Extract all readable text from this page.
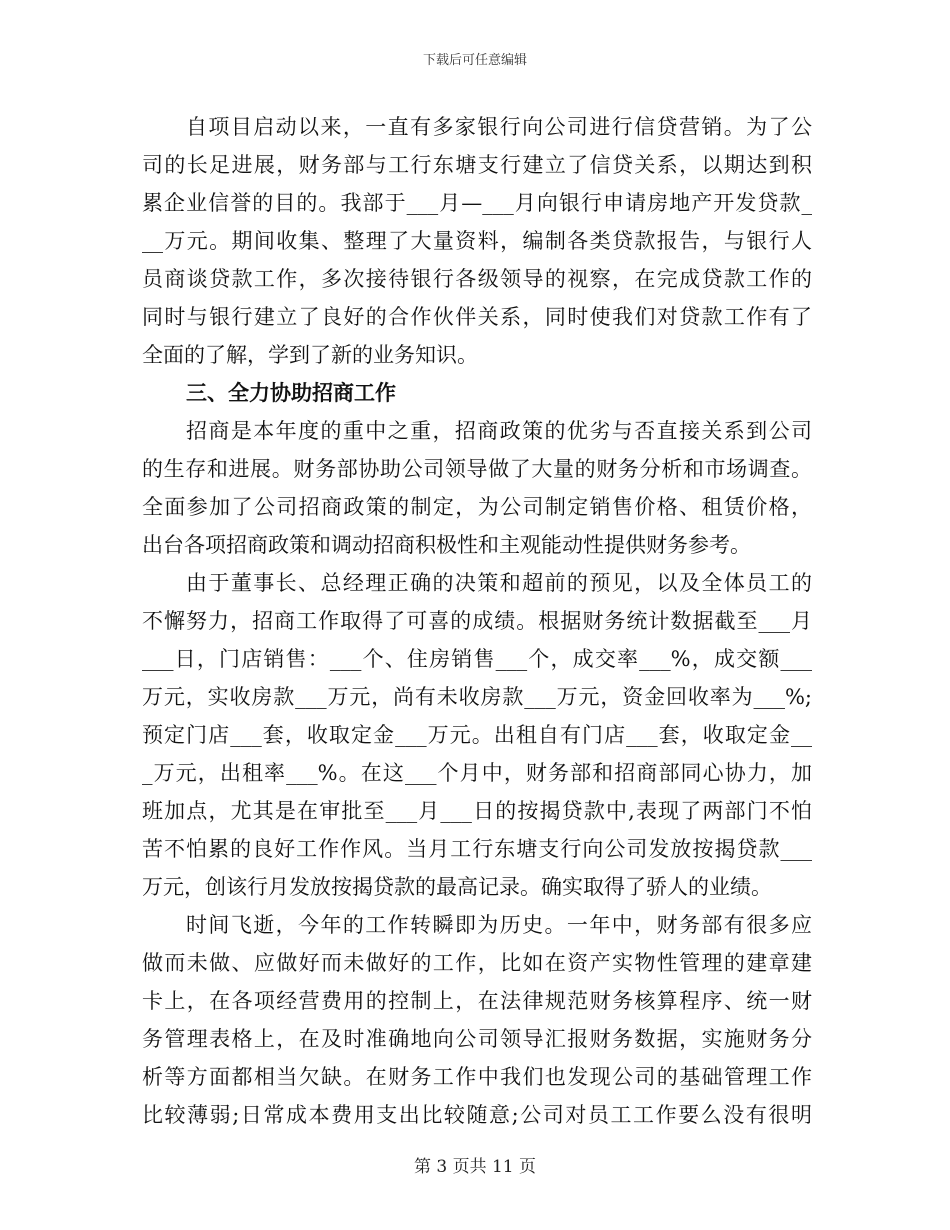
下载后可任意编辑
自项目启动以来，一直有多家银行向公司进行信贷营销。为了公
司的长足进展，财务部与工行东塘支行建立了信贷关系，以期达到积
累企业信誉的目的。我部于___月—___月向银行申请房地产开发贷款_
__万元。期间收集、整理了大量资料，编制各类贷款报告，与银行人
员商谈贷款工作，多次接待银行各级领导的视察，在完成贷款工作的
同时与银行建立了良好的合作伙伴关系，同时使我们对贷款工作有了
全面的了解，学到了新的业务知识。
三、全力协助招商工作
招商是本年度的重中之重，招商政策的优劣与否直接关系到公司
的生存和进展。财务部协助公司领导做了大量的财务分析和市场调查。
全面参加了公司招商政策的制定，为公司制定销售价格、租赁价格，
出台各项招商政策和调动招商积极性和主观能动性提供财务参考。
由于董事长、总经理正确的决策和超前的预见，以及全体员工的
不懈努力，招商工作取得了可喜的成绩。根据财务统计数据截至___月
___日，门店销售：___个、住房销售___个，成交率___%，成交额___
万元，实收房款___万元，尚有未收房款___万元，资金回收率为___%;
预定门店___套，收取定金___万元。出租自有门店___套，收取定金__
_万元，出租率___%。在这___个月中，财务部和招商部同心协力，加
班加点，尤其是在审批至___月___日的按揭贷款中,表现了两部门不怕
苦不怕累的良好工作作风。当月工行东塘支行向公司发放按揭贷款___
万元，创该行月发放按揭贷款的最高记录。确实取得了骄人的业绩。
时间飞逝，今年的工作转瞬即为历史。一年中，财务部有很多应
做而未做、应做好而未做好的工作，比如在资产实物性管理的建章建
卡上，在各项经营费用的控制上，在法律规范财务核算程序、统一财
务管理表格上，在及时准确地向公司领导汇报财务数据，实施财务分
析等方面都相当欠缺。在财务工作中我们也发现公司的基础管理工作
比较薄弱;日常成本费用支出比较随意;公司对员工工作要么没有很明
第 3 页共 11 页
